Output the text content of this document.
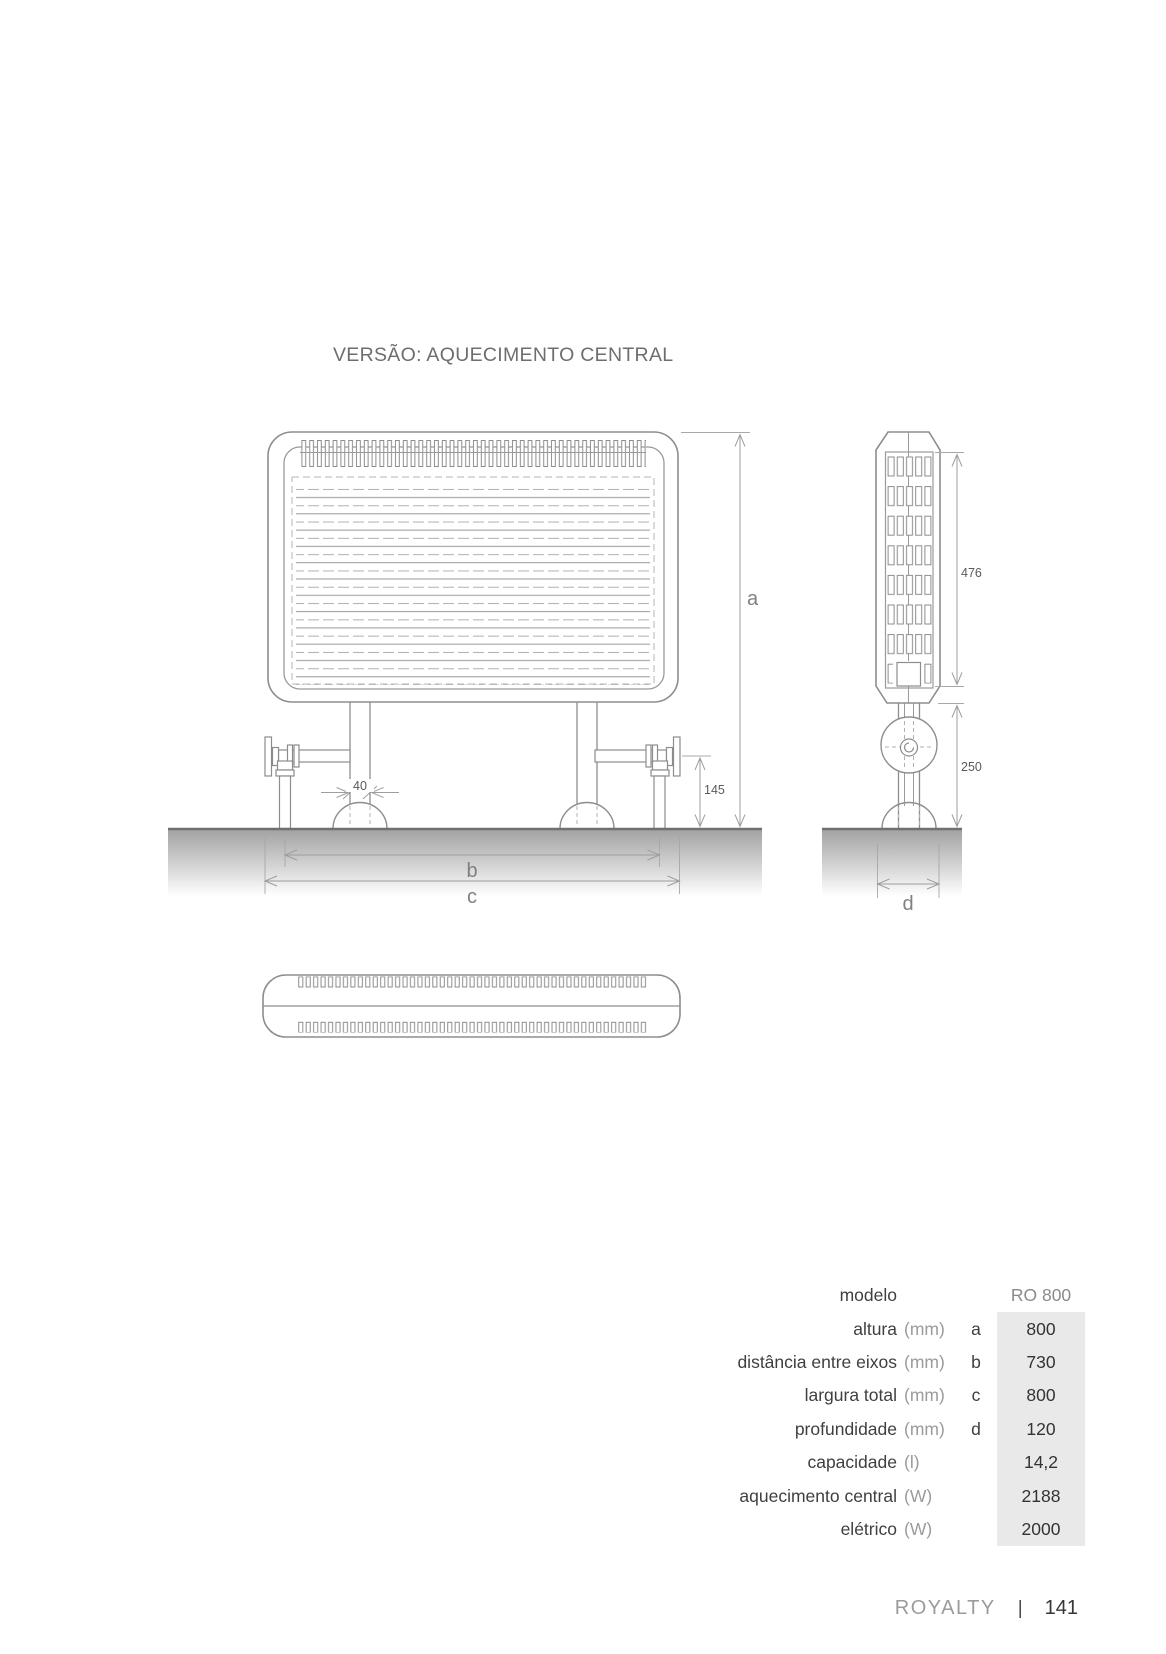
VERSÃO: AQUECIMENTO CENTRAL
40	145
a
b
c
476
250
d
modelo	RO 800
altura (mm)	a	800
distância entre eixos (mm)	b	730
largura total (mm)	c	800
profundidade (mm)	d	120
capacidade (l)	14,2
aquecimento central (W)	2188
elétrico (W)	2000
ROYALTY | 141
